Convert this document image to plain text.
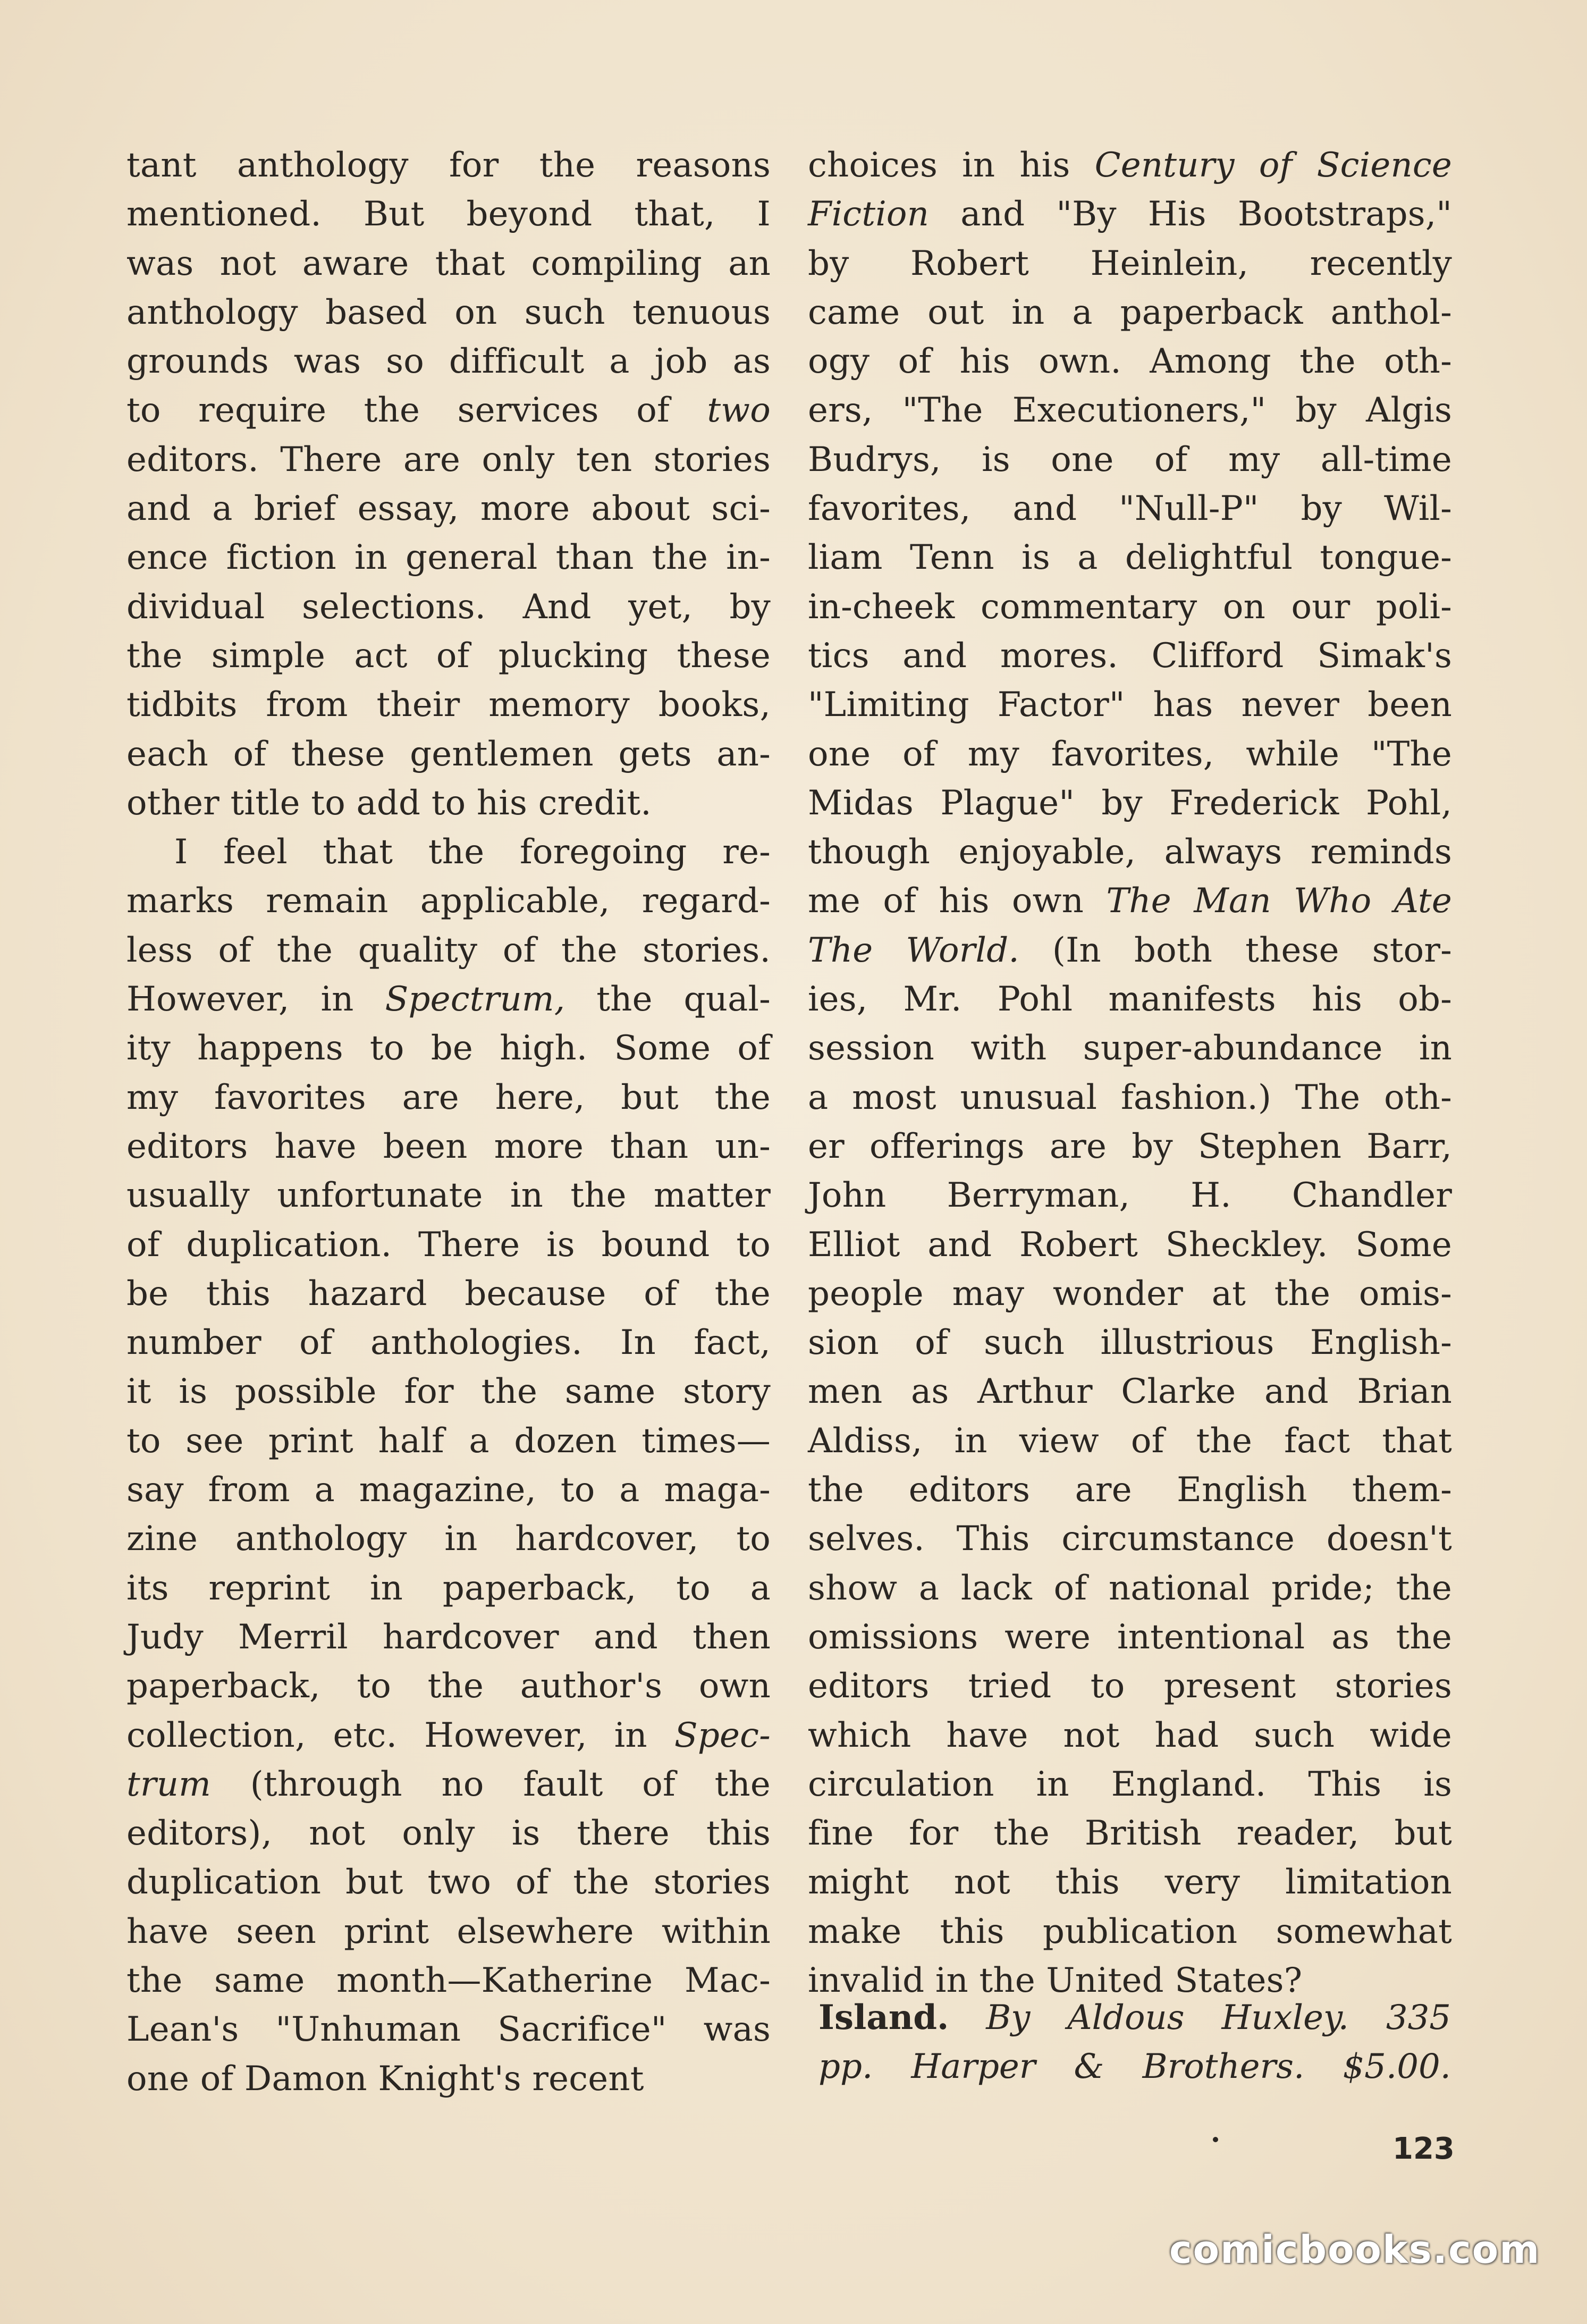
tant anthology for the reasons
mentioned. But beyond that, I
was not aware that compiling an
anthology based on such tenuous
grounds was so difficult a job as
to require the services of two
editors. There are only ten stories
and a brief essay, more about sci-
ence fiction in general than the in-
dividual selections. And yet, by
the simple act of plucking these
tidbits from their memory books,
each of these gentlemen gets an-
other title to add to his credit.
I feel that the foregoing re-
marks remain applicable, regard-
less of the quality of the stories.
However, in Spectrum, the qual-
ity happens to be high. Some of
my favorites are here, but the
editors have been more than un-
usually unfortunate in the matter
of duplication. There is bound to
be this hazard because of the
number of anthologies. In fact,
it is possible for the same story
to see print half a dozen times—
say from a magazine, to a maga-
zine anthology in hardcover, to
its reprint in paperback, to a
Judy Merril hardcover and then
paperback, to the author's own
collection, etc. However, in Spec-
trum (through no fault of the
editors), not only is there this
duplication but two of the stories
have seen print elsewhere within
the same month—Katherine Mac-
Lean's "Unhuman Sacrifice" was
one of Damon Knight's recent
choices in his Century of Science
Fiction and "By His Bootstraps,"
by Robert Heinlein, recently
came out in a paperback anthol-
ogy of his own. Among the oth-
ers, "The Executioners," by Algis
Budrys, is one of my all-time
favorites, and "Null-P" by Wil-
liam Tenn is a delightful tongue-
in-cheek commentary on our poli-
tics and mores. Clifford Simak's
"Limiting Factor" has never been
one of my favorites, while "The
Midas Plague" by Frederick Pohl,
though enjoyable, always reminds
me of his own The Man Who Ate
The World. (In both these stor-
ies, Mr. Pohl manifests his ob-
session with super-abundance in
a most unusual fashion.) The oth-
er offerings are by Stephen Barr,
John Berryman, H. Chandler
Elliot and Robert Sheckley. Some
people may wonder at the omis-
sion of such illustrious English-
men as Arthur Clarke and Brian
Aldiss, in view of the fact that
the editors are English them-
selves. This circumstance doesn't
show a lack of national pride; the
omissions were intentional as the
editors tried to present stories
which have not had such wide
circulation in England. This is
fine for the British reader, but
might not this very limitation
make this publication somewhat
invalid in the United States?
Island. By Aldous Huxley. 335
pp. Harper & Brothers. $5.00.
123
comicbooks.com
